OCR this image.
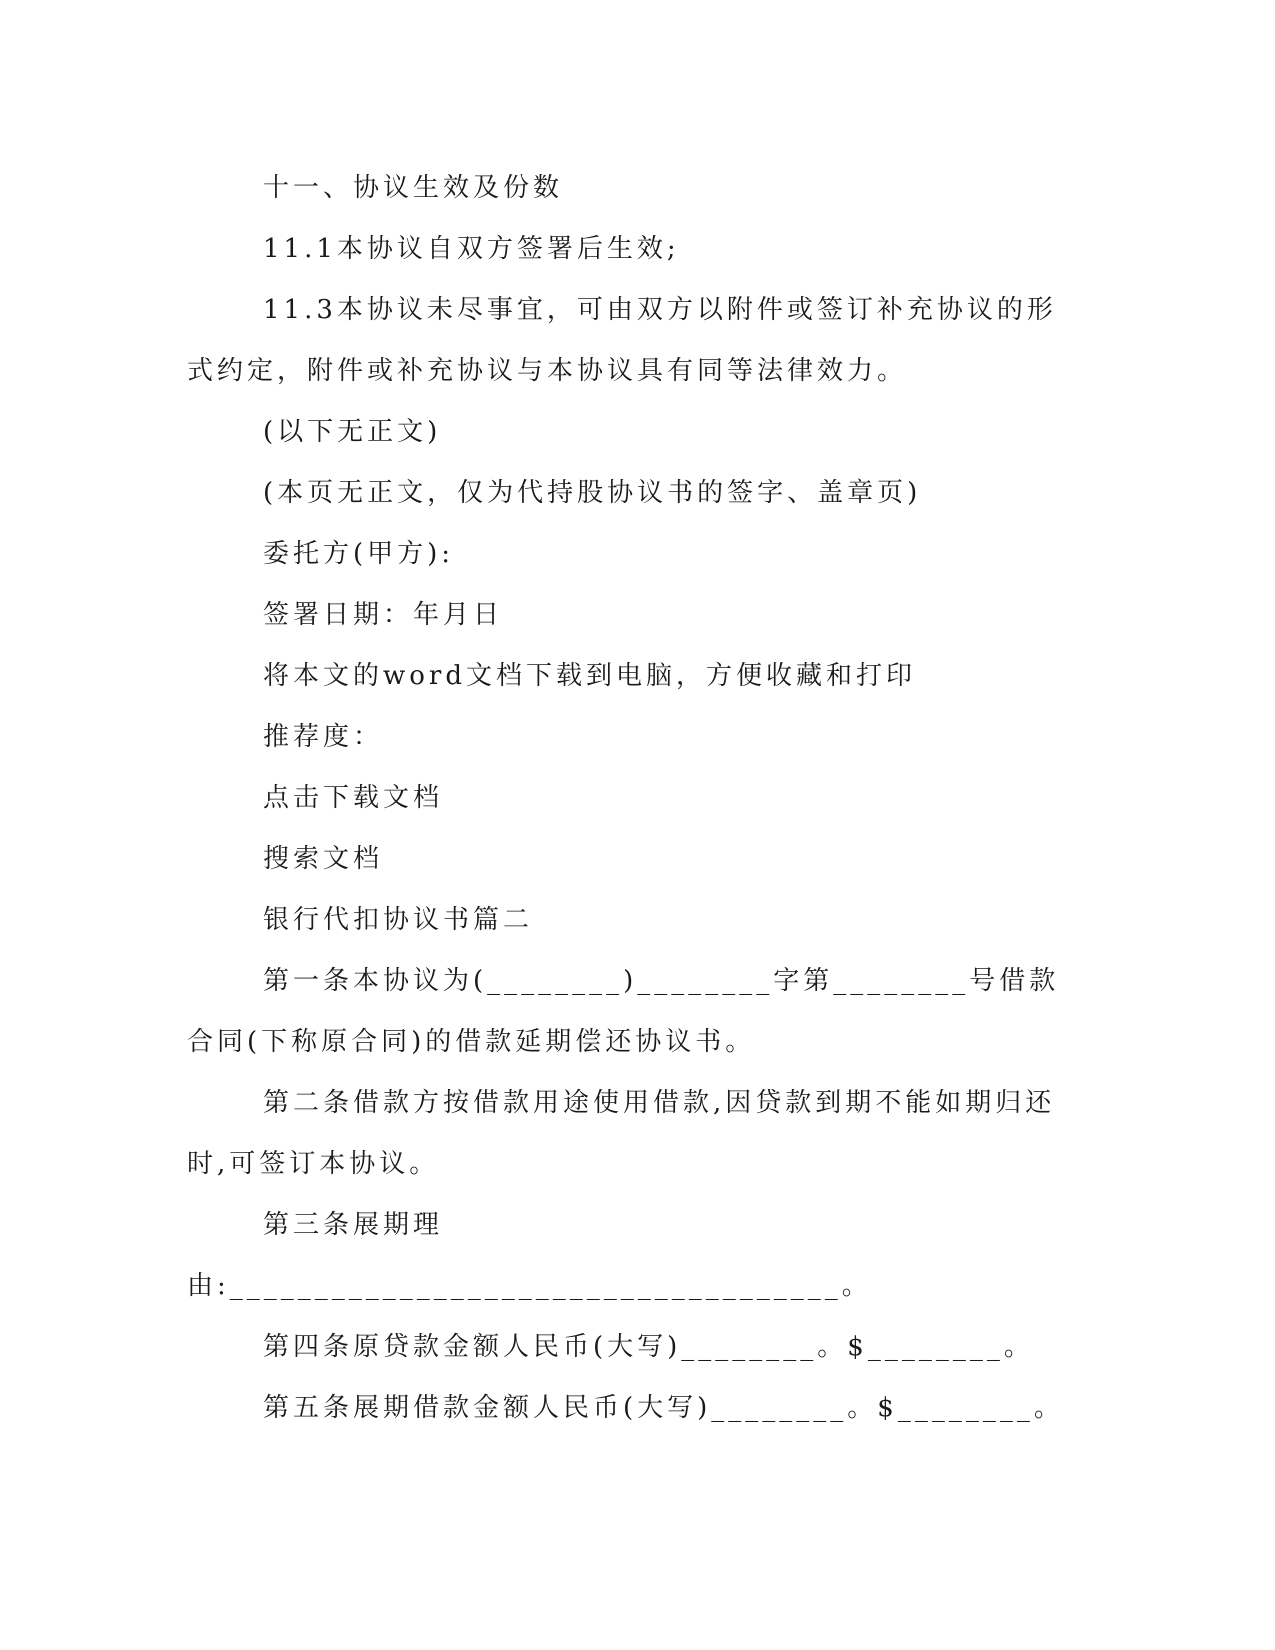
十一、协议生效及份数

11.1本协议自双方签署后生效;

11.3本协议未尽事宜，可由双方以附件或签订补充协议的形式约定，附件或补充协议与本协议具有同等法律效力。

(以下无正文)

(本页无正文，仅为代持股协议书的签字、盖章页)

委托方(甲方):

签署日期：年月日

将本文的word文档下载到电脑，方便收藏和打印

推荐度：

点击下载文档

搜索文档

银行代扣协议书篇二

第一条本协议为(________)________字第________号借款合同(下称原合同)的借款延期偿还协议书。

第二条借款方按借款用途使用借款,因贷款到期不能如期归还时,可签订本协议。

第三条展期理由:____________________________________。

第四条原贷款金额人民币(大写)________。$________。

第五条展期借款金额人民币(大写)________。$________。
